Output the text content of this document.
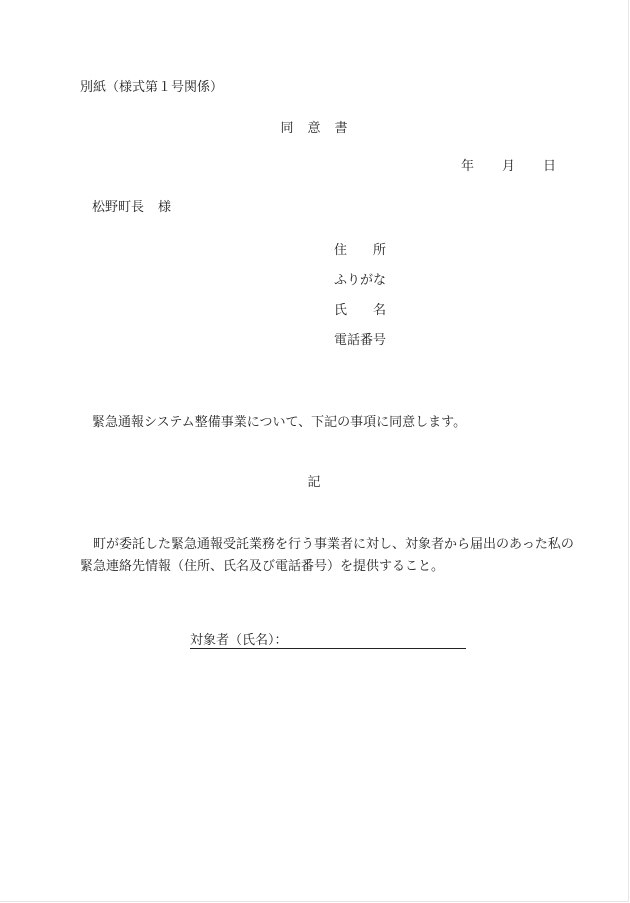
別紙（様式第１号関係）
同意書
年 月 日
松野町長 様
住所
ふりがな
氏名
電話番号
緊急通報システム整備事業について、下記の事項に同意します。
記
町が委託した緊急通報受託業務を行う事業者に対し、対象者から届出のあった私の緊急連絡先情報（住所、氏名及び電話番号）を提供すること。
対象者（氏名）：
